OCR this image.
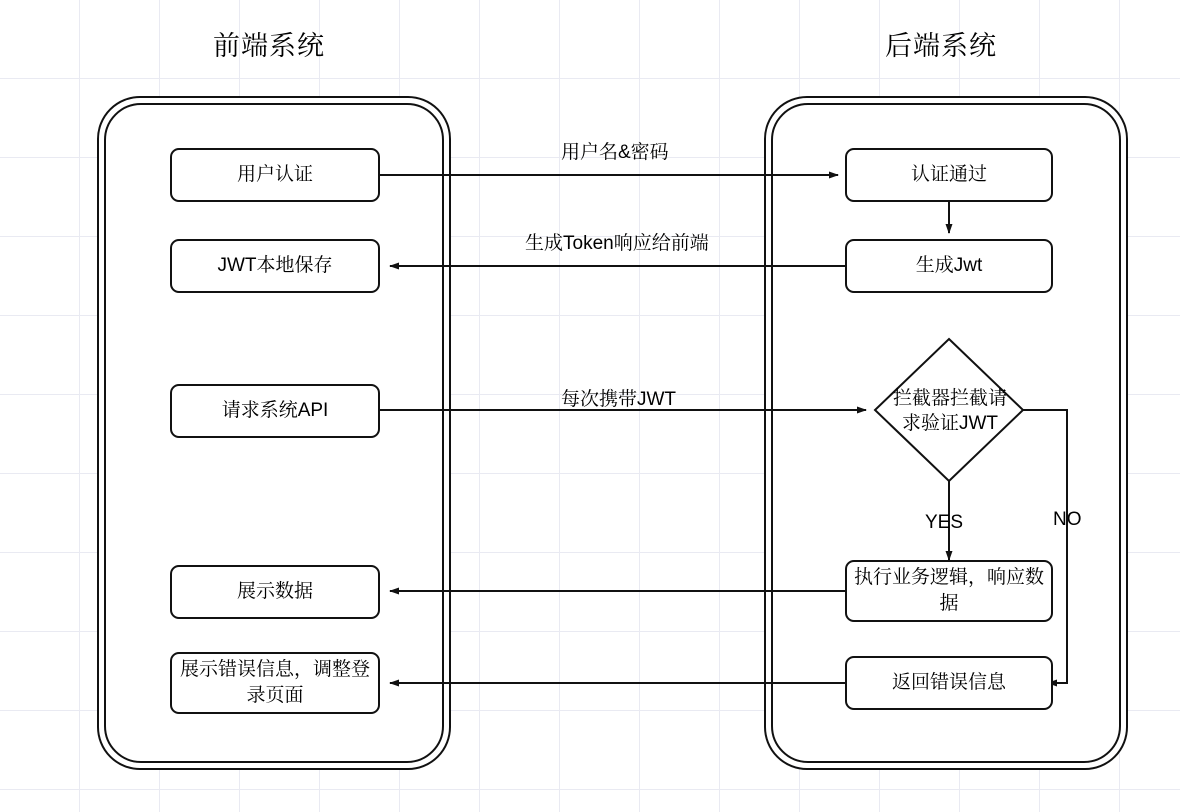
前端系统	后端系统
用户认证
JWT本地保存
请求系统API
展示数据
展示错误信息，调整登录页面
认证通过
生成Jwt
拦截器拦截请求验证JWT
执行业务逻辑，响应数据
返回错误信息
用户名&密码
生成Token响应给前端
每次携带JWT
YES	NO
